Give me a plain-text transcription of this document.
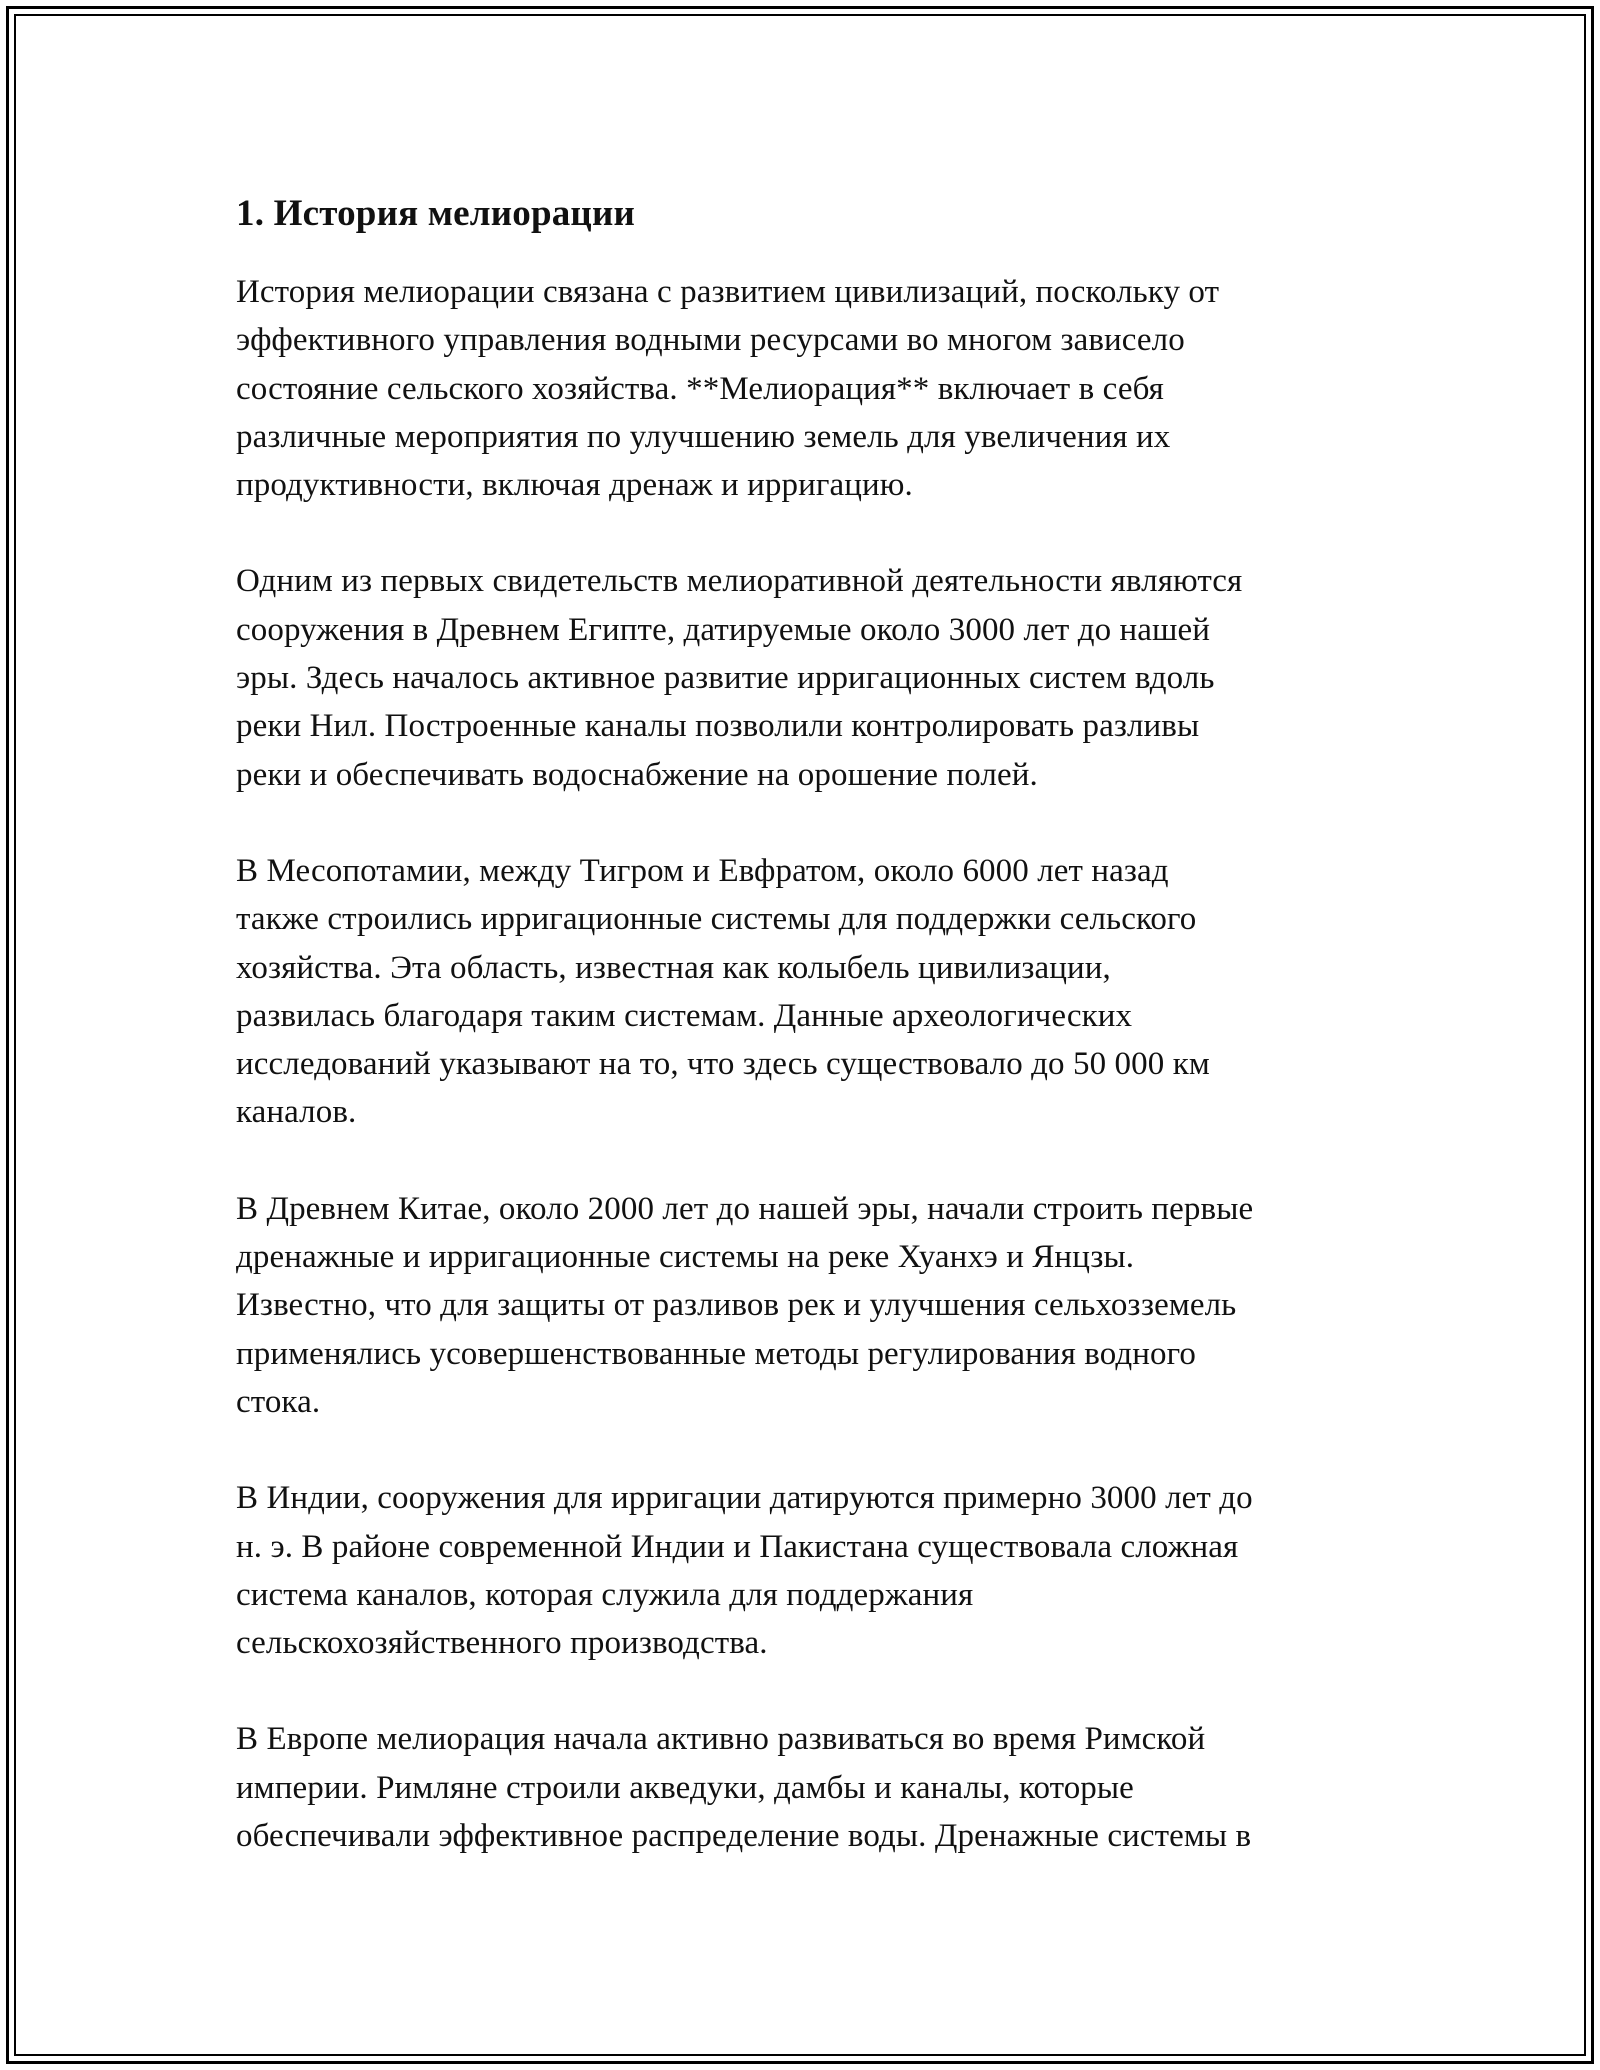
1. История мелиорации

История мелиорации связана с развитием цивилизаций, поскольку от
эффективного управления водными ресурсами во многом зависело
состояние сельского хозяйства. **Мелиорация** включает в себя
различные мероприятия по улучшению земель для увеличения их
продуктивности, включая дренаж и ирригацию.

Одним из первых свидетельств мелиоративной деятельности являются
сооружения в Древнем Египте, датируемые около 3000 лет до нашей
эры. Здесь началось активное развитие ирригационных систем вдоль
реки Нил. Построенные каналы позволили контролировать разливы
реки и обеспечивать водоснабжение на орошение полей.

В Месопотамии, между Тигром и Евфратом, около 6000 лет назад
также строились ирригационные системы для поддержки сельского
хозяйства. Эта область, известная как колыбель цивилизации,
развилась благодаря таким системам. Данные археологических
исследований указывают на то, что здесь существовало до 50 000 км
каналов.

В Древнем Китае, около 2000 лет до нашей эры, начали строить первые
дренажные и ирригационные системы на реке Хуанхэ и Янцзы.
Известно, что для защиты от разливов рек и улучшения сельхозземель
применялись усовершенствованные методы регулирования водного
стока.

В Индии, сооружения для ирригации датируются примерно 3000 лет до
н. э. В районе современной Индии и Пакистана существовала сложная
система каналов, которая служила для поддержания
сельскохозяйственного производства.

В Европе мелиорация начала активно развиваться во время Римской
империи. Римляне строили акведуки, дамбы и каналы, которые
обеспечивали эффективное распределение воды. Дренажные системы в
